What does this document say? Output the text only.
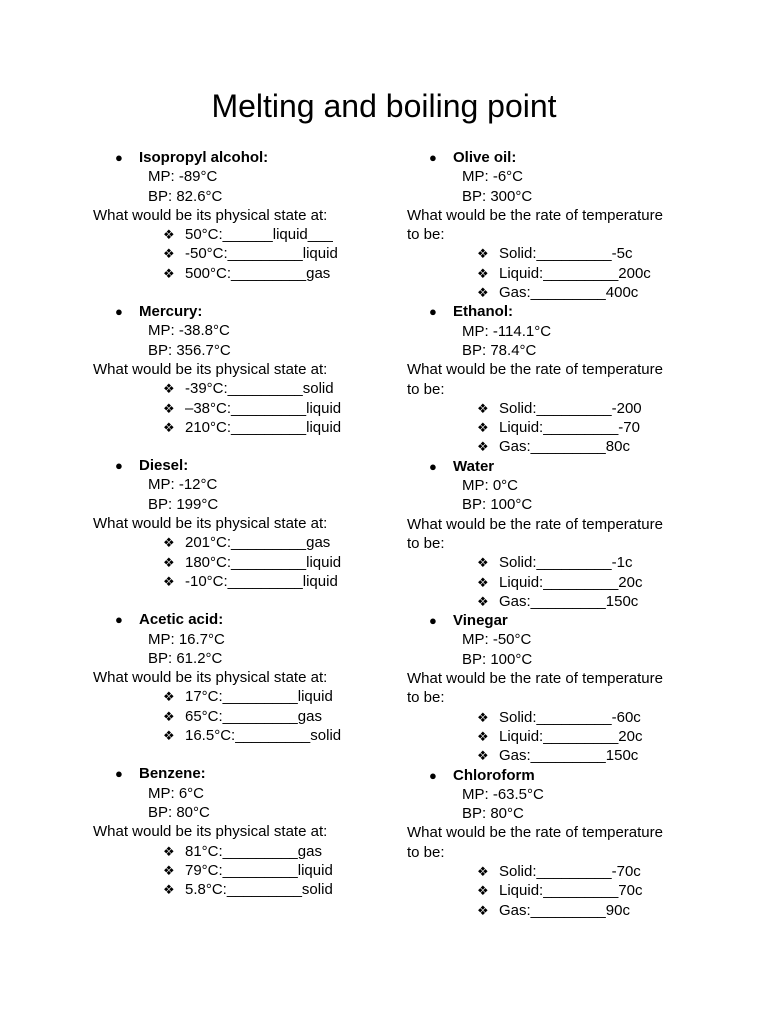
Melting and boiling point

● Isopropyl alcohol:

MP: -89°C

BP: 82.6°C

What would be its physical state at:

❖ 50°C:______liquid___

❖ -50°C:_________liquid

❖ 500°C:_________gas

● Mercury:

MP: -38.8°C

BP: 356.7°C

What would be its physical state at:

❖ -39°C:_________solid

❖ –38°C:_________liquid

❖ 210°C:_________liquid

● Diesel:

MP: -12°C

BP: 199°C

What would be its physical state at:

❖ 201°C:_________gas

❖ 180°C:_________liquid

❖ -10°C:_________liquid

● Acetic acid:

MP: 16.7°C

BP: 61.2°C

What would be its physical state at:

❖ 17°C:_________liquid

❖ 65°C:_________gas

❖ 16.5°C:_________solid

● Benzene:

MP: 6°C

BP: 80°C

What would be its physical state at:

❖ 81°C:_________gas

❖ 79°C:_________liquid

❖ 5.8°C:_________solid

● Olive oil:

MP: -6°C

BP: 300°C

What would be the rate of temperature

to be:

❖ Solid:_________-5c

❖ Liquid:_________200c

❖ Gas:_________400c

● Ethanol:

MP: -114.1°C

BP: 78.4°C

What would be the rate of temperature

to be:

❖ Solid:_________-200

❖ Liquid:_________-70

❖ Gas:_________80c

● Water

MP: 0°C

BP: 100°C

What would be the rate of temperature

to be:

❖ Solid:_________-1c

❖ Liquid:_________20c

❖ Gas:_________150c

● Vinegar

MP: -50°C

BP: 100°C

What would be the rate of temperature

to be:

❖ Solid:_________-60c

❖ Liquid:_________20c

❖ Gas:_________150c

● Chloroform

MP: -63.5°C

BP: 80°C

What would be the rate of temperature

to be:

❖ Solid:_________-70c

❖ Liquid:_________70c

❖ Gas:_________90c
